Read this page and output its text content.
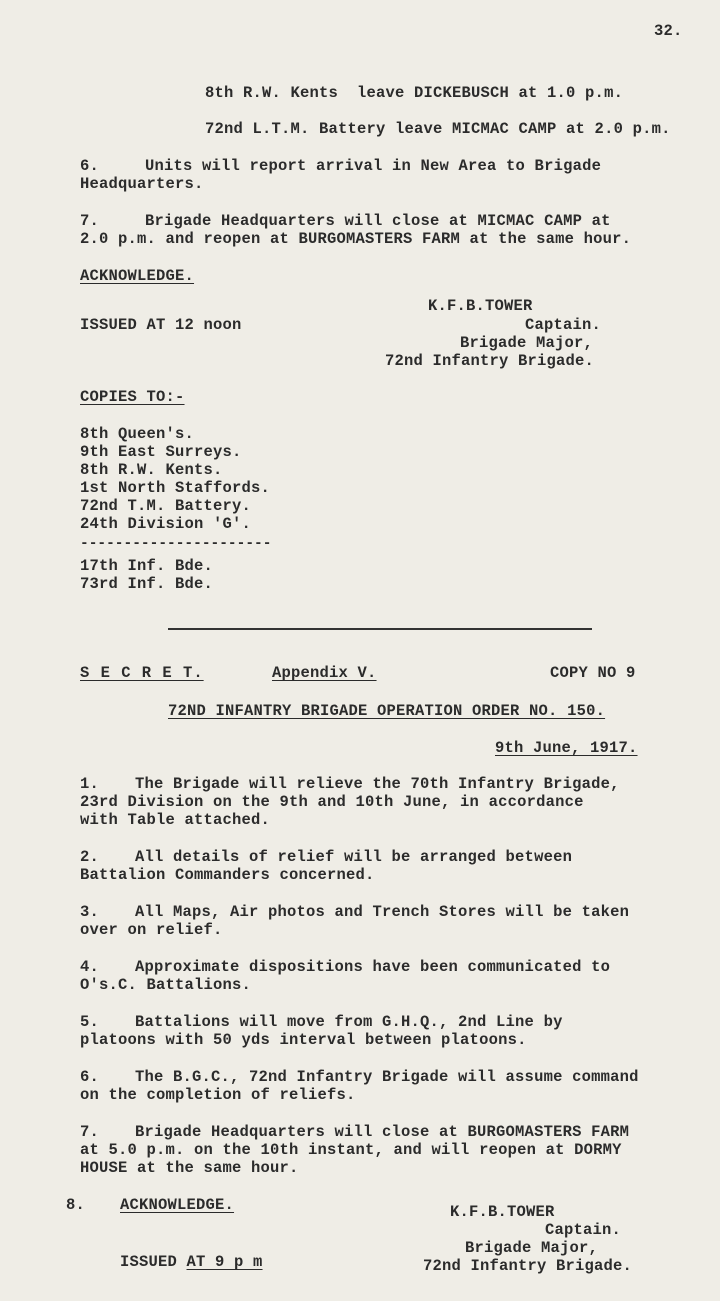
32.
8th R.W. Kents  leave DICKEBUSCH at 1.0 p.m.
72nd L.T.M. Battery leave MICMAC CAMP at 2.0 p.m.
6.	Units will report arrival in New Area to Brigade
Headquarters.
7.	Brigade Headquarters will close at MICMAC CAMP at
2.0 p.m. and reopen at BURGOMASTERS FARM at the same hour.
ACKNOWLEDGE.
ISSUED AT 12 noon
K.F.B.TOWER
Captain.
Brigade Major,
72nd Infantry Brigade.
COPIES TO:-
8th Queen's.
9th East Surreys.
8th R.W. Kents.
1st North Staffords.
72nd T.M. Battery.
24th Division 'G'.
----------------------
17th Inf. Bde.
73rd Inf. Bde.
S E C R E T.	Appendix V.	COPY NO 9
72ND INFANTRY BRIGADE OPERATION ORDER NO. 150.
9th June, 1917.
1. The Brigade will relieve the 70th Infantry Brigade,
23rd Division on the 9th and 10th June, in accordance
with Table attached.
2. All details of relief will be arranged between
Battalion Commanders concerned.
3. All Maps, Air photos and Trench Stores will be taken
over on relief.
4. Approximate dispositions have been communicated to
O's.C. Battalions.
5. Battalions will move from G.H.Q., 2nd Line by
platoons with 50 yds interval between platoons.
6. The B.G.C., 72nd Infantry Brigade will assume command
on the completion of reliefs.
7. Brigade Headquarters will close at BURGOMASTERS FARM
at 5.0 p.m. on the 10th instant, and will reopen at DORMY
HOUSE at the same hour.
8. ACKNOWLEDGE.	K.F.B.TOWER
Captain.
Brigade Major,
72nd Infantry Brigade.
ISSUED AT 9 p m
